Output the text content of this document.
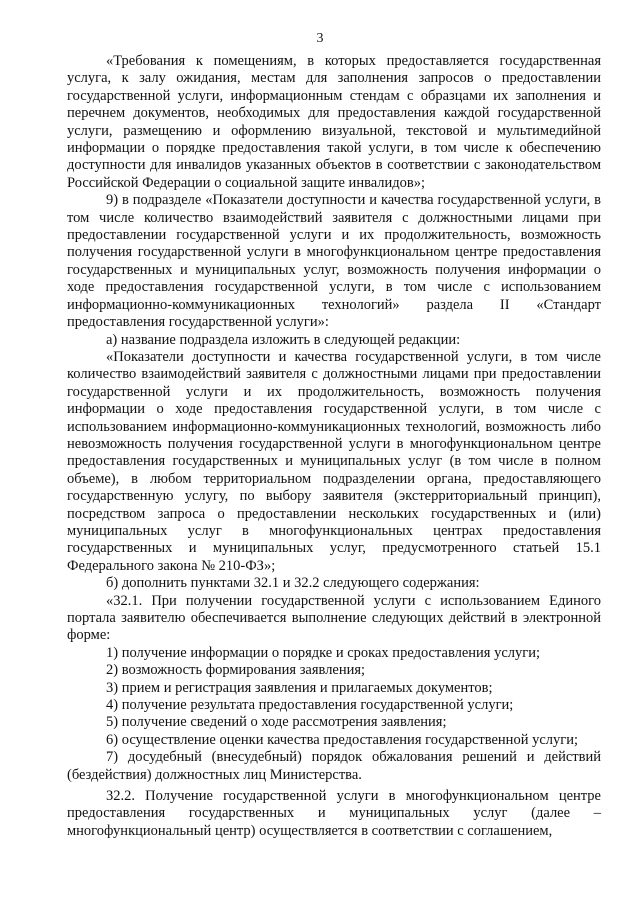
3

«Требования к помещениям, в которых предоставляется государственная услуга, к залу ожидания, местам для заполнения запросов о предоставлении государственной услуги, информационным стендам с образцами их заполнения и перечнем документов, необходимых для предоставления каждой государственной услуги, размещению и оформлению визуальной, текстовой и мультимедийной информации о порядке предоставления такой услуги, в том числе к обеспечению доступности для инвалидов указанных объектов в соответствии с законодательством Российской Федерации о социальной защите инвалидов»;

9) в подразделе «Показатели доступности и качества государственной услуги, в том числе количество взаимодействий заявителя с должностными лицами при предоставлении государственной услуги и их продолжительность, возможность получения государственной услуги в многофункциональном центре предоставления государственных и муниципальных услуг, возможность получения информации о ходе предоставления государственной услуги, в том числе с использованием информационно-коммуникационных технологий» раздела II «Стандарт предоставления государственной услуги»:

а) название подраздела изложить в следующей редакции:

«Показатели доступности и качества государственной услуги, в том числе количество взаимодействий заявителя с должностными лицами при предоставлении государственной услуги и их продолжительность, возможность получения информации о ходе предоставления государственной услуги, в том числе с использованием информационно-коммуникационных технологий, возможность либо невозможность получения государственной услуги в многофункциональном центре предоставления государственных и муниципальных услуг (в том числе в полном объеме), в любом территориальном подразделении органа, предоставляющего государственную услугу, по выбору заявителя (экстерриториальный принцип), посредством запроса о предоставлении нескольких государственных и (или) муниципальных услуг в многофункциональных центрах предоставления государственных и муниципальных услуг, предусмотренного статьей 15.1 Федерального закона № 210-ФЗ»;

б) дополнить пунктами 32.1 и 32.2 следующего содержания:

«32.1. При получении государственной услуги с использованием Единого портала заявителю обеспечивается выполнение следующих действий в электронной форме:

1) получение информации о порядке и сроках предоставления услуги;

2) возможность формирования заявления;

3) прием и регистрация заявления и прилагаемых документов;

4) получение результата предоставления государственной услуги;

5) получение сведений о ходе рассмотрения заявления;

6) осуществление оценки качества предоставления государственной услуги;

7) досудебный (внесудебный) порядок обжалования решений и действий (бездействия) должностных лиц Министерства.

32.2. Получение государственной услуги в многофункциональном центре предоставления государственных и муниципальных услуг (далее – многофункциональный центр) осуществляется в соответствии с соглашением,
